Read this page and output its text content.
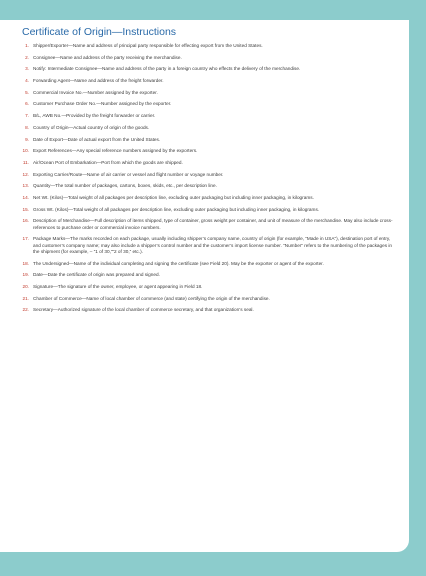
Certificate of Origin—Instructions
1. Shipper/Exporter—Name and address of principal party responsible for effecting export from the United States.
2. Consignee—Name and address of the party receiving the merchandise.
3. Notify: Intermediate Consignee—Name and address of the party in a foreign country who effects the delivery of the merchandise.
4. Forwarding Agent—Name and address of the freight forwarder.
5. Commercial Invoice No.—Number assigned by the exporter.
6. Customer Purchase Order No.—Number assigned by the exporter.
7. B/L, AWB No.—Provided by the freight forwarder or carrier.
8. Country of Origin—Actual country of origin of the goods.
9. Date of Export—Date of actual export from the United States.
10. Export References—Any special reference numbers assigned by the exporters.
11. Air/Ocean Port of Embarkation—Port from which the goods are shipped.
12. Exporting Carrier/Route—Name of air carrier or vessel and flight number or voyage number.
13. Quantity—The total number of packages, cartons, boxes, skids, etc., per description line.
14. Net Wt. (Kilos)—Total weight of all packages per description line, excluding outer packaging but including inner packaging, in kilograms.
15. Gross Wt. (Kilos)—Total weight of all packages per description line, excluding outer packaging but including inner packaging, in kilograms.
16. Description of Merchandise—Full description of items shipped, type of container, gross weight per container, and unit of measure of the merchandise. May also include cross-references to purchase order or commercial invoice numbers.
17. Package Marks—The marks recorded on each package, usually including shipper’s company name, country of origin (for example, “Made in USA”), destination port of entry, and customer’s company name; may also include a shipper’s control number and the customer’s import license number. “Number” refers to the numbering of the packages in the shipment (for example, – “1 of 30,”“2 of 30,” etc.).
18. The Undersigned—Name of the individual completing and signing the certificate (see Field 20). May be the exporter or agent of the exporter.
19. Date—Date the certificate of origin was prepared and signed.
20. Signature—The signature of the owner, employee, or agent appearing in Field 18.
21. Chamber of Commerce—Name of local chamber of commerce (and state) certifying the origin of the merchandise.
22. Secretary—Authorized signature of the local chamber of commerce secretary, and that organization’s seal.
